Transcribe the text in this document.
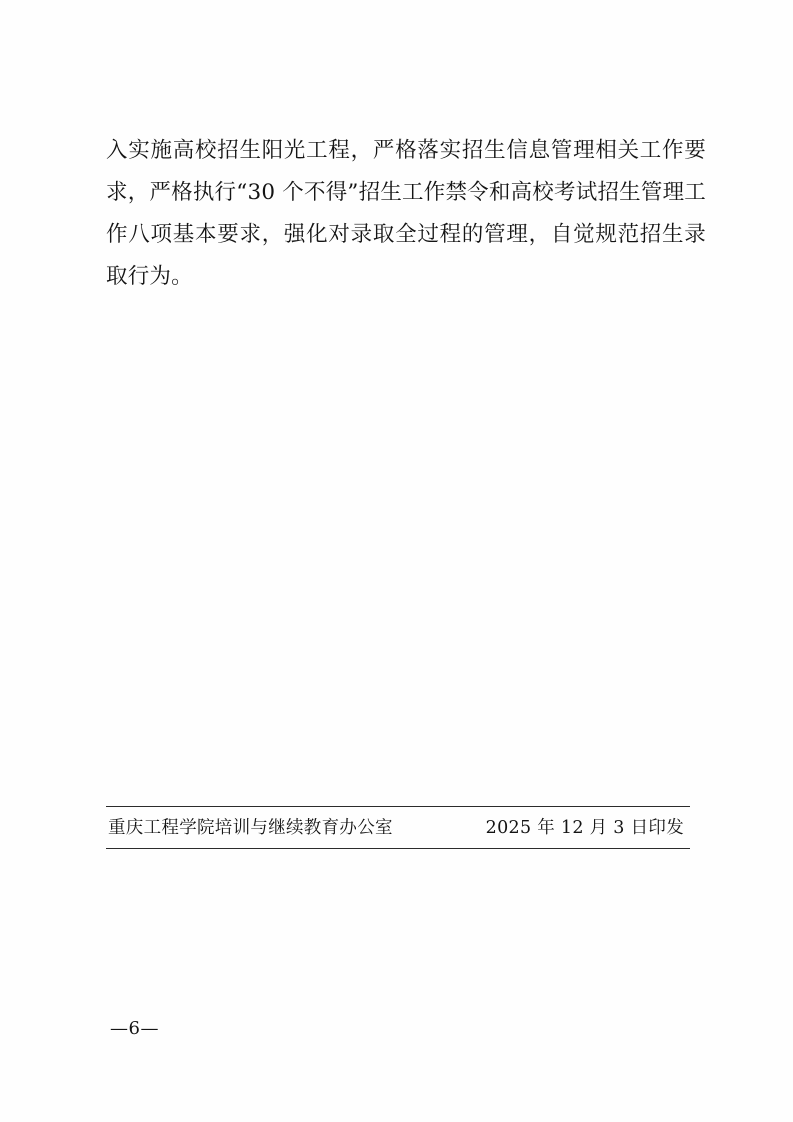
入实施高校招生阳光工程，严格落实招生信息管理相关工作要求，严格执行“30 个不得”招生工作禁令和高校考试招生管理工作八项基本要求，强化对录取全过程的管理，自觉规范招生录取行为。

重庆工程学院培训与继续教育办公室	2025 年 12 月 3 日印发
—6—
